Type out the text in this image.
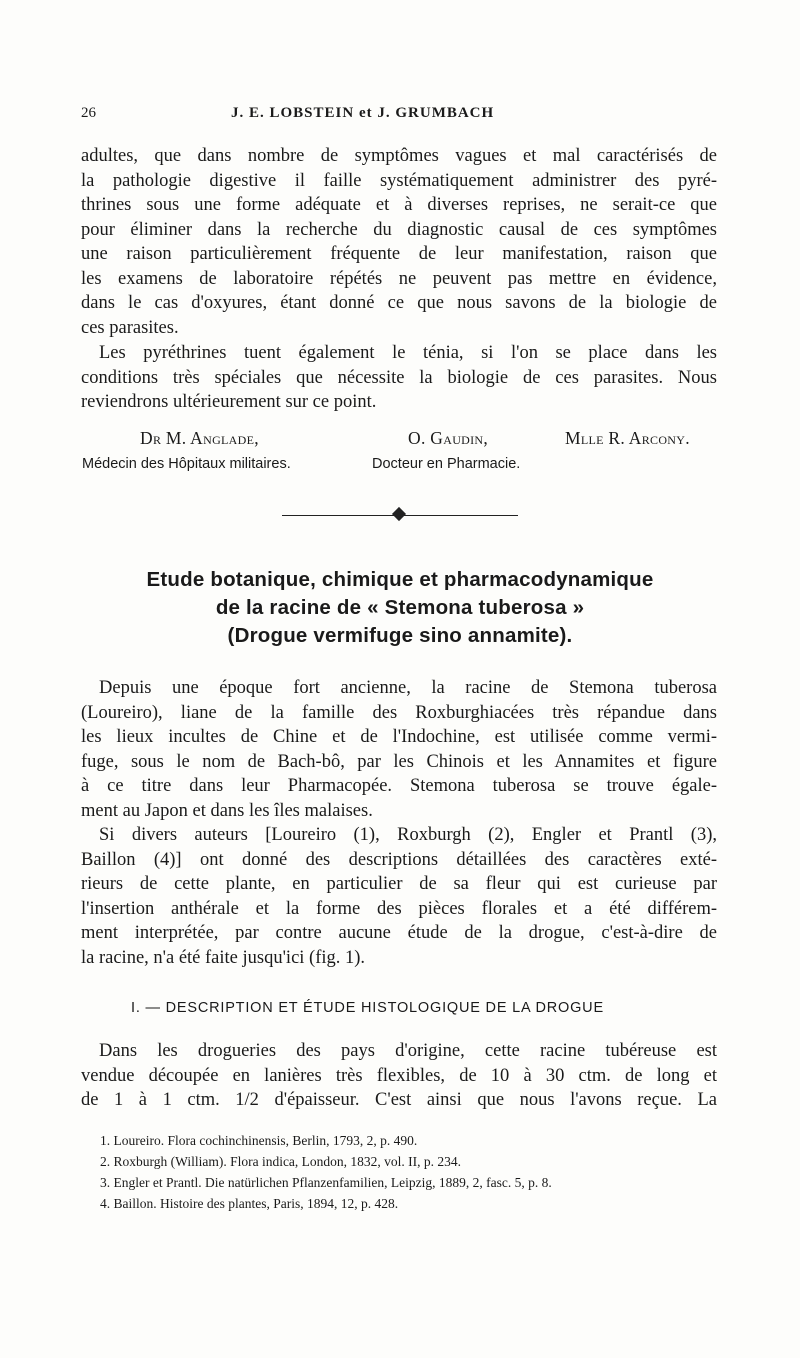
26	J. E. LOBSTEIN et J. GRUMBACH
adultes, que dans nombre de symptômes vagues et mal caractérisés de
la pathologie digestive il faille systématiquement administrer des pyré-
thrines sous une forme adéquate et à diverses reprises, ne serait-ce que
pour éliminer dans la recherche du diagnostic causal de ces symptômes
une raison particulièrement fréquente de leur manifestation, raison que
les examens de laboratoire répétés ne peuvent pas mettre en évidence,
dans le cas d'oxyures, étant donné ce que nous savons de la biologie de
ces parasites.
Les pyréthrines tuent également le ténia, si l'on se place dans les
conditions très spéciales que nécessite la biologie de ces parasites. Nous
reviendrons ultérieurement sur ce point.
Dr M. Anglade,
Médecin des Hôpitaux militaires.
O. Gaudin,
Docteur en Pharmacie.
Mlle R. Arcony.
Etude botanique, chimique et pharmacodynamique
de la racine de « Stemona tuberosa »
(Drogue vermifuge sino annamite).
Depuis une époque fort ancienne, la racine de Stemona tuberosa
(Loureiro), liane de la famille des Roxburghiacées très répandue dans
les lieux incultes de Chine et de l'Indochine, est utilisée comme vermi-
fuge, sous le nom de Bach-bô, par les Chinois et les Annamites et figure
à ce titre dans leur Pharmacopée. Stemona tuberosa se trouve égale-
ment au Japon et dans les îles malaises.
Si divers auteurs [Loureiro (1), Roxburgh (2), Engler et Prantl (3),
Baillon (4)] ont donné des descriptions détaillées des caractères exté-
rieurs de cette plante, en particulier de sa fleur qui est curieuse par
l'insertion anthérale et la forme des pièces florales et a été différem-
ment interprétée, par contre aucune étude de la drogue, c'est-à-dire de
la racine, n'a été faite jusqu'ici (fig. 1).
I. — DESCRIPTION ET ÉTUDE HISTOLOGIQUE DE LA DROGUE
Dans les drogueries des pays d'origine, cette racine tubéreuse est
vendue découpée en lanières très flexibles, de 10 à 30 ctm. de long et
de 1 à 1 ctm. 1/2 d'épaisseur. C'est ainsi que nous l'avons reçue. La
1. Loureiro. Flora cochinchinensis, Berlin, 1793, 2, p. 490.
2. Roxburgh (William). Flora indica, London, 1832, vol. II, p. 234.
3. Engler et Prantl. Die natürlichen Pflanzenfamilien, Leipzig, 1889, 2, fasc. 5, p. 8.
4. Baillon. Histoire des plantes, Paris, 1894, 12, p. 428.
